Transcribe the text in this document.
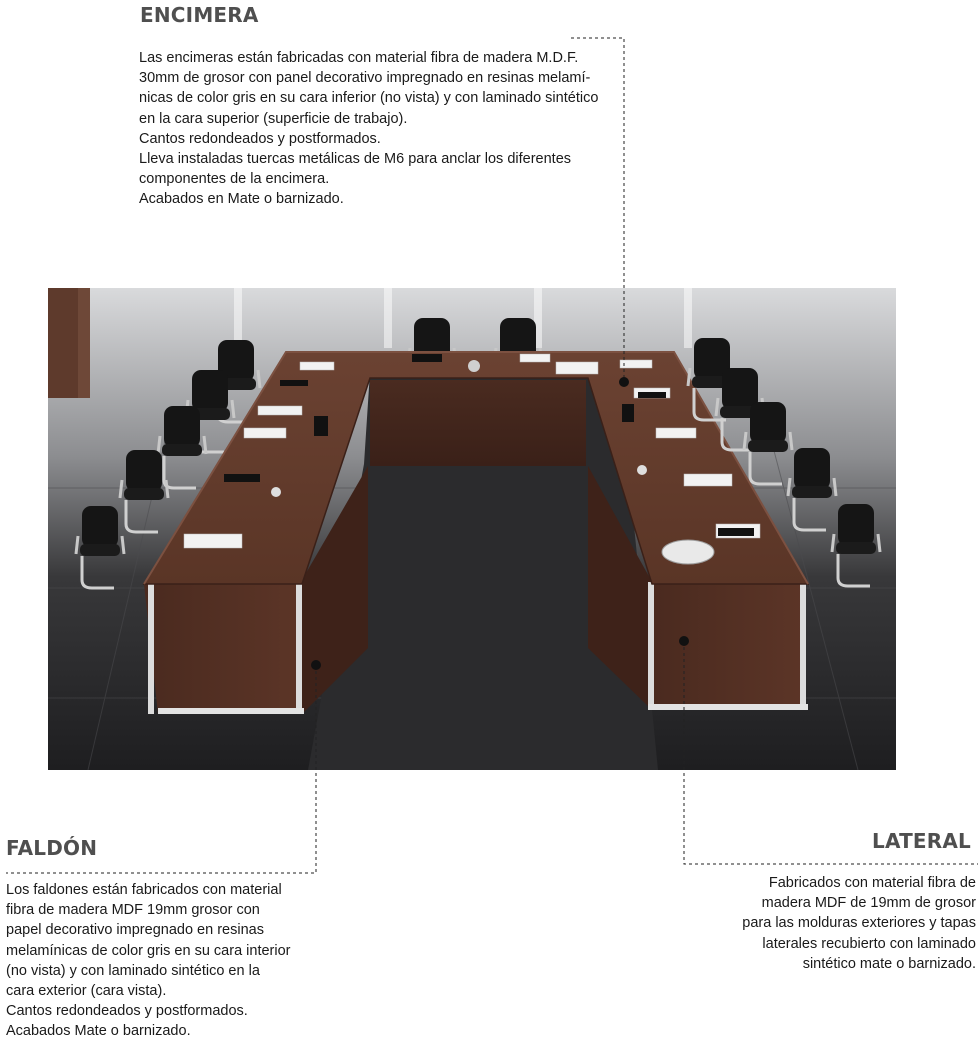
ENCIMERA
Las encimeras están fabricadas con material fibra de madera M.D.F.
30mm de grosor con panel decorativo impregnado en resinas melamí-
nicas de color gris en su cara inferior (no vista) y con laminado sintético
en la cara superior (superficie de trabajo).
Cantos redondeados y postformados.
Lleva instaladas tuercas metálicas de M6 para anclar los diferentes
componentes de la encimera.
Acabados en Mate o barnizado.
FALDÓN
Los faldones están fabricados con material
fibra de madera MDF 19mm grosor con
papel decorativo impregnado en resinas
melamínicas de color gris en su cara interior
(no vista) y con laminado sintético en la
cara exterior (cara vista).
Cantos redondeados y postformados.
Acabados Mate o barnizado.
LATERAL
Fabricados con material fibra de
madera MDF de 19mm de grosor
para las molduras exteriores y tapas
laterales recubierto con laminado
sintético mate o barnizado.
